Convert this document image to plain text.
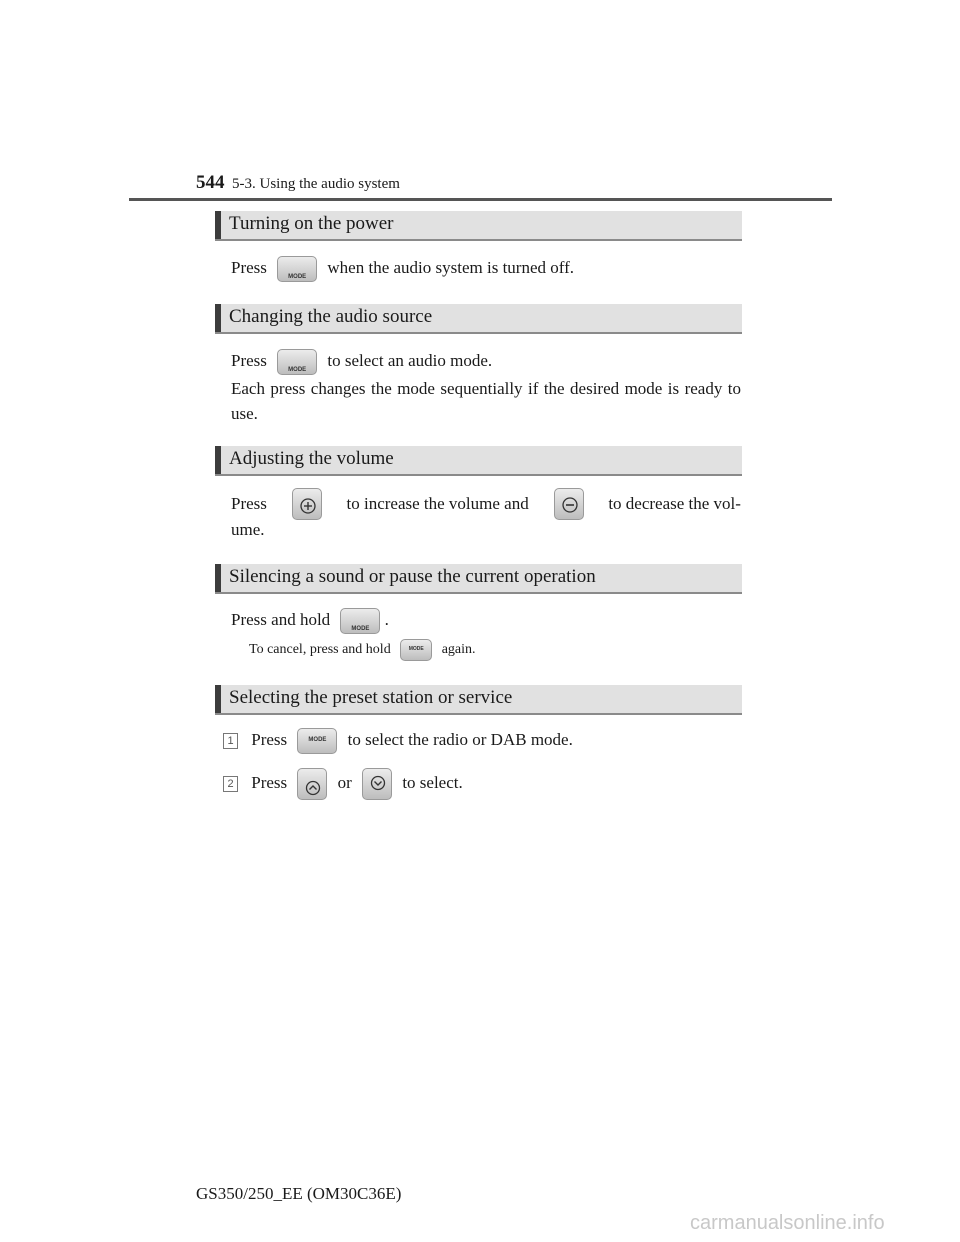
544 5-3. Using the audio system
Turning on the power
Press
MODE
when the audio system is turned off.
Changing the audio source
Press
MODE
to select an audio mode.
Each press changes the mode sequentially if the desired mode is ready to use.
Adjusting the volume
Press	to increase the volume and	to decrease the vol-
ume.
Silencing a sound or pause the current operation
Press and hold
MODE
.
To cancel, press and hold	MODE	again.
Selecting the preset station or service
1 Press	MODE	to select the radio or DAB mode.
2 Press	or	to select.
GS350/250_EE (OM30C36E)
carmanualsonline.info
